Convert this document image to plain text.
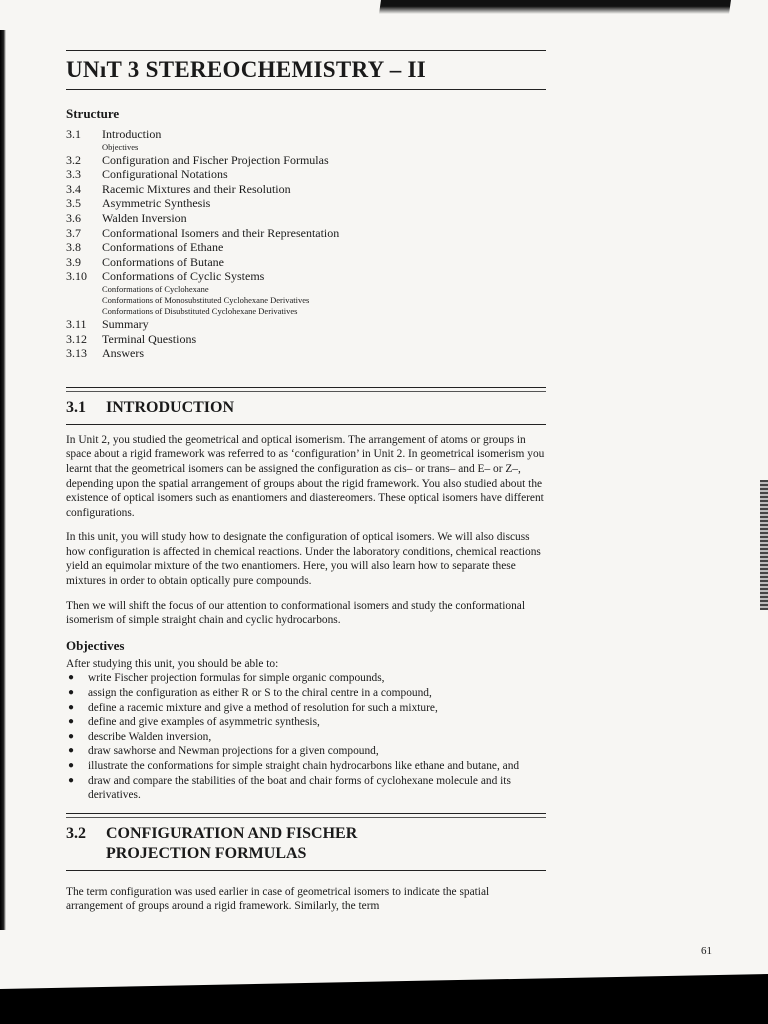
UNıT 3 STEREOCHEMISTRY – II
Structure
3.1	Introduction
Objectives
3.2	Configuration and Fischer Projection Formulas
3.3	Configurational Notations
3.4	Racemic Mixtures and their Resolution
3.5	Asymmetric Synthesis
3.6	Walden Inversion
3.7	Conformational Isomers and their Representation
3.8	Conformations of Ethane
3.9	Conformations of Butane
3.10	Conformations of Cyclic Systems
Conformations of Cyclohexane
Conformations of Monosubstituted Cyclohexane Derivatives
Conformations of Disubstituted Cyclohexane Derivatives
3.11	Summary
3.12	Terminal Questions
3.13	Answers
3.1 INTRODUCTION

In Unit 2, you studied the geometrical and optical isomerism. The arrangement of atoms or groups in space about a rigid framework was referred to as ‘configuration’ in Unit 2. In geometrical isomerism you learnt that the geometrical isomers can be assigned the configuration as cis– or trans– and E– or Z–, depending upon the spatial arrangement of groups about the rigid framework. You also studied about the existence of optical isomers such as enantiomers and diastereomers. These optical isomers have different configurations.

In this unit, you will study how to designate the configuration of optical isomers. We will also discuss how configuration is affected in chemical reactions. Under the laboratory conditions, chemical reactions yield an equimolar mixture of the two enantiomers. Here, you will also learn how to separate these mixtures in order to obtain optically pure compounds.

Then we will shift the focus of our attention to conformational isomers and study the conformational isomerism of simple straight chain and cyclic hydrocarbons.

Objectives

After studying this unit, you should be able to:

● write Fischer projection formulas for simple organic compounds,
● assign the configuration as either R or S to the chiral centre in a compound,
● define a racemic mixture and give a method of resolution for such a mixture,
● define and give examples of asymmetric synthesis,
● describe Walden inversion,
● draw sawhorse and Newman projections for a given compound,
● illustrate the conformations for simple straight chain hydrocarbons like ethane and butane, and
● draw and compare the stabilities of the boat and chair forms of cyclohexane molecule and its derivatives.
3.2 CONFIGURATION AND FISCHER
PROJECTION FORMULAS

The term configuration was used earlier in case of geometrical isomers to indicate the spatial arrangement of groups around a rigid framework. Similarly, the term

61
